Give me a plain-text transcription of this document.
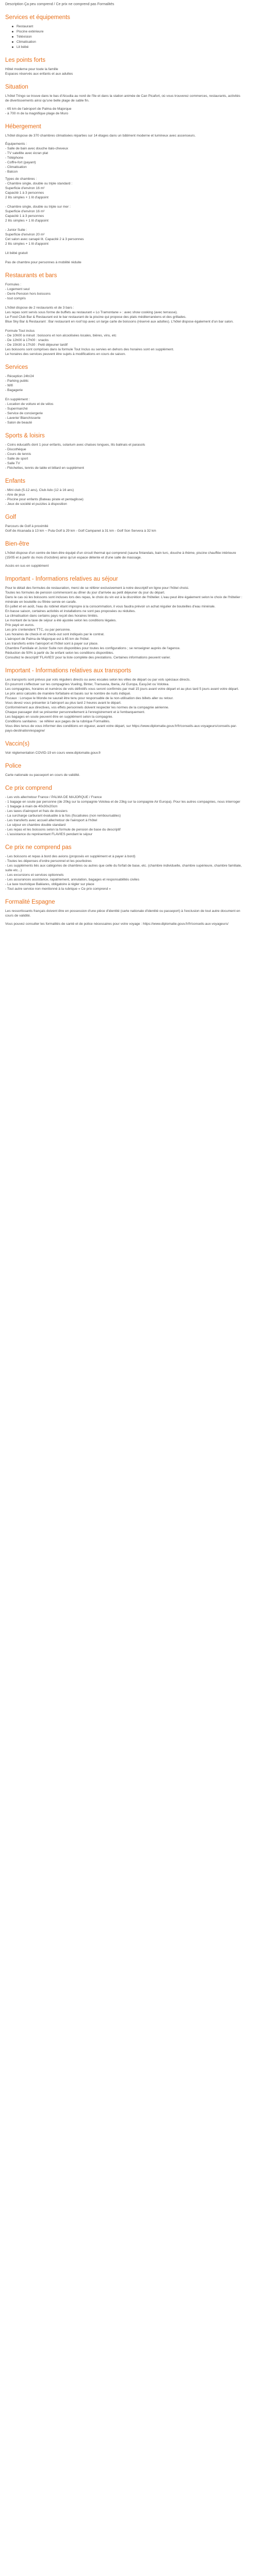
Description Ça peu comprend / Ce prix ne comprend pas Formalités

Services et équipements
Restaurant
Piscine extérieure
Télévision
Climatisation
Lit bébé
Les points forts
Hôtel moderne pour toute la famille
Espaces réservés aux enfants et aux adultes
Situation

L'hôtel Tringo se trouve dans le bas d'Alcudia au nord de l'île et dans la station animée de Can Picafort, où vous trouverez commerces, restaurants, activités de divertissements ainsi qu'une belle plage de sable fin.

- 65 km de l'aéroport de Palma de Majorque
- à 700 m de la magnifique plage de Muro
Hébergement

L'hôtel dispose de 370 chambres climatisées réparties sur 14 étages dans un bâtiment moderne et lumineux avec ascenseurs.

Équipements :
- Salle de bain avec douche italo-cheveux
- TV satellite avec écran plat
- Téléphone
- Coffre-fort (payant)
- Climatisation
- Balcon
Types de chambres :
- Chambre single, double ou triple standard :
Superficie d'environ 16 m²
Capacité 1 à 3 personnes
2 lits simples + 1 lit d'appoint
- Chambre single, double ou triple sur mer :
Superficie d'environ 16 m²
Capacité 1 à 3 personnes
2 lits simples + 1 lit d'appoint
- Junior Suite :
Superficie d'environ 20 m²
Cet salon avec canapé lit. Capacité 2 à 3 personnes
2 lits simples + 1 lit d'appoint
Lit bébé gratuit
Pas de chambre pour personnes à mobilité réduite
Restaurants et bars
Formules :
- Logement seul
- Demi-Pension hors boissons
- tout compris
L'hôtel dispose de 2 restaurants et de 3 bars :
Les repas sont servis sous forme de buffets au restaurant « Lo Tramontane » : avec show cooking (avec terrasse).
Le Food Club Bar & Restaurant est le bar restaurant de la piscine qui propose des plats méditerranéens et des grillades.
Blue Sky Bar & Restaurant : Bar restaurant en roof top avec un large carte de boissons (réservé aux adultes). L'hôtel dispose également d'un bar salon.
Formule Tout inclus
- De 10h00 à minuit : boissons et non alcoolisées locales, bières, vins, etc
- De 12h00 à 17h00 : snacks
- De 15h30 à 17h30 : Petit déjeuner tardif
Les boissons sont comprises dans la formule Tout Inclus ou servies en dehors des horaires sont en supplément.
Le horaires des services peuvent être sujets à modifications en cours de saison.
Services
- Réception 24h/24
- Parking public
- Wifi
- Bagagerie
En supplément :
- Location de voiture et de vélos
- Supermarché
- Service de conciergerie
- Laverie/ Blanchisserie
- Salon de beauté
Sports & loisirs
- Coins éducatifs dont 1 pour enfants, solarium avec chaises longues, lits balinais et parasols
- Discothèque
- Cours de tennis
- Salle de sport
- Salle TV
- Fléchettes, tennis de table et billard en supplément
Enfants
- Mini club (5-12 ans), Club Ado (12 à 16 ans)
- Aire de jeux
- Piscine pour enfants (Bateau pirate et pentaglisse)
- Jeux de société et puzzles à disposition
Golf
Parcours de Golf à proximité
Golf de Alcanada à 13 km ~ Pula Golf à 29 km - Golf Campanet à 31 km - Golf Son Servera à 32 km
Bien-être

L'hôtel dispose d'un centre de bien-être équipé d'un circuit thermal qui comprend (sauna finlandais, bain turc, douche à thème, piscine chauffée intérieure (15/05 et à partir du mois d'octobre) ainsi qu'un espace détente et d'une salle de massage.

Accès en sus en supplément
Important - Informations relatives au séjour
Pour le détail des formules de restauration, merci de se référer exclusivement à notre descriptif en ligne pour l'hôtel choisi.
Toutes les formules de pension commencent au dîner du jour d'arrivée au petit déjeuner du jour du départ.
Dans le cas où les boissons sont incluses lors des repas, le choix du vin est à la discrétion de l'hôtelier. L'eau peut être également selon le choix de l'hôtelier : minérale en bouteille ou filtrée servie en carafe.
En juillet et en août, l'eau du robinet étant impropre à la consommation, il vous faudra prévoir un achat régulier de bouteilles d'eau minérale.
En basse saison, certaines activités et installations ne sont pas proposées ou réduites.
La climatisation dans certains pays reçoit des horaires limités.
Le montant de la taxe de séjour a été ajustée selon les conditions légales.
Prix payé en euros.
Les prix s'entendent TTC, ou par personne.
Les horaires de check-in et check-out sont indiqués par le contrat.
L'aéroport de Palma de Majorque est à 65 km de l'hôtel.
Les transferts entre l'aéroport et l'hôtel sont à payer sur place.
Chambre Familiale et Junior Suite non disponibles pour toutes les configurations ; se renseigner auprès de l'agence.
Réduction de 50% à partir du 3e enfant selon les conditions disponibles.
Consultez le descriptif 'FLAVIES' pour la liste complète des prestations. Certaines informations peuvent varier.
Important - Informations relatives aux transports
Les transports sont prévus par vols réguliers directs ou avec escales selon les villes de départ ou par vols spéciaux directs.
En pourront s'effectuer sur les compagnies Vueling, Binter, Transavia, Iberia, Air Europa, EasyJet ou Volotea.
Les compagnies, horaires et numéros de vols définitifs vous seront confirmés par mail 15 jours avant votre départ et au plus tard 5 jours avant votre départ.
Le prix ainsi calculés de manière forfaitaire et basés sur le nombre de nuits indiqué.
Fiscaux : Lorsque le Monde ne saurait être tenu pour responsable de la non-utilisation des billets aller ou retour.
Vous devez vous présenter à l'aéroport au plus tard 2 heures avant le départ.
Conformément aux directives, vos effets personnels doivent respecter les normes de la compagnie aérienne.
Chaque passager doit se présenter personnellement à l'enregistrement et à l'embarquement.
Les bagages en soute peuvent être en supplément selon la compagnie.
Conditions sanitaires : se référer aux pages de la rubrique Formalités.
Vous êtes tenus de vous informer des conditions en vigueur, avant votre départ, sur https://www.diplomatie.gouv.fr/fr/conseils-aux-voyageurs/conseils-par-pays-destination/espagne/
Vaccin(s)
Voir réglementation COVID-19 en cours www.diplomatie.gouv.fr
Police
Carte nationale ou passeport en cours de validité.
Ce prix comprend
- Les vols aller/retour France / PALMA DE MAJORQUE / France
- 1 bagage en soute par personne (de 20kg sur la compagnie Volotea et de 23kg sur la compagnie Air Europa). Pour les autres compagnies, nous interroger
- 1 bagage à main de 40x30x20cm
- Les taxes d'aéroport et frais de dossiers
- La surcharge carburant évaluable à la fois (fiscalisées (non remboursables)
- Les transferts avec accueil aller/retour de l'aéroport à l'hôtel
- Le séjour en chambre double standard
- Les repas et les boissons selon la formule de pension de base du descriptif
- L'assistance du représentant FLAVIES pendant le séjour
Ce prix ne comprend pas
- Les boissons et repas à bord des avions (proposés en supplément et à payer à bord)
- Toutes les dépenses d'ordre personnel et les pourboires
- Les suppléments liés aux catégories de chambres ou autres que celle du forfait de base, etc. (chambre individuelle, chambre supérieure, chambre familiale, suite etc...)
- Les excursions et services optionnels
- Les assurances assistance, rapatriement, annulation, bagages et responsabilités civiles
- La taxe touristique Baléares, obligatoire à régler sur place
- Tout autre service non mentionné à la rubrique « Ce prix comprend »
Formalité Espagne

Les ressortissants français doivent être en possession d'une pièce d'identité (carte nationale d'identité ou passeport) à l'exclusion de tout autre document en cours de validité.

Vous pouvez consulter les formalités de santé et de police nécessaires pour votre voyage : https://www.diplomatie.gouv.fr/fr/conseils-aux-voyageurs/
